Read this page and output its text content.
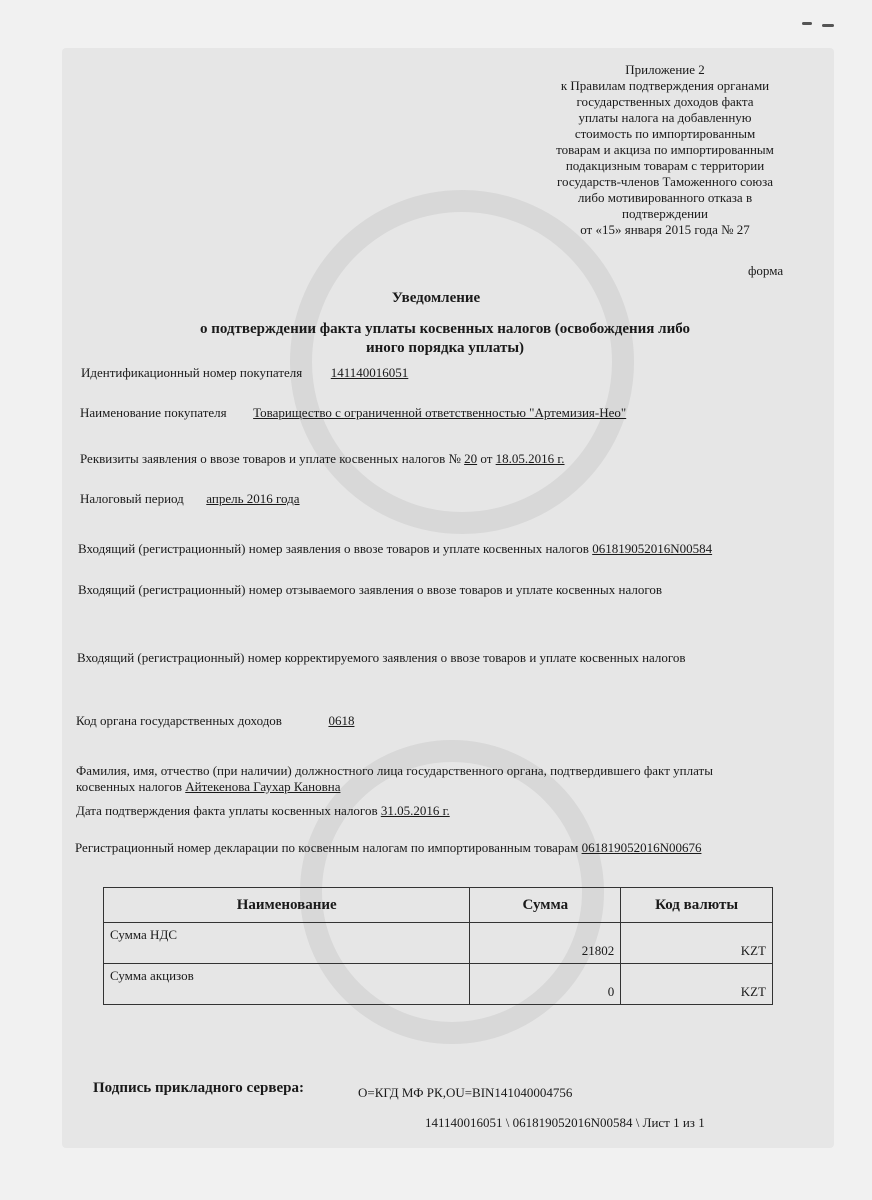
Приложение 2
к Правилам подтверждения органами
государственных доходов факта
уплаты налога на добавленную
стоимость по импортированным
товарам и акциза по импортированным
подакцизным товарам с территории
государств-членов Таможенного союза
либо мотивированного отказа в
подтверждении
от «15» января 2015 года № 27
форма
Уведомление
о подтверждении факта уплаты косвенных налогов (освобождения либо
иного порядка уплаты)
Идентификационный номер покупателя 141140016051
Наименование покупателя Товарищество с ограниченной ответственностью "Артемизия-Нео"
Реквизиты заявления о ввозе товаров и уплате косвенных налогов № 20 от 18.05.2016 г.
Налоговый период апрель 2016 года
Входящий (регистрационный) номер заявления о ввозе товаров и уплате косвенных налогов 061819052016N00584
Входящий (регистрационный) номер отзываемого заявления о ввозе товаров и уплате косвенных налогов
Входящий (регистрационный) номер корректируемого заявления о ввозе товаров и уплате косвенных налогов
Код органа государственных доходов	0618
Фамилия, имя, отчество (при наличии) должностного лица государственного органа, подтвердившего факт уплаты
косвенных налогов Айтекенова Гаухар Кановна
Дата подтверждения факта уплаты косвенных налогов 31.05.2016 г.
Регистрационный номер декларации по косвенным налогам по импортированным товарам 061819052016N00676
Наименование	Сумма	Код валюты
Сумма НДС	21802	KZT
Сумма акцизов	0	KZT
Подпись прикладного сервера:	O=КГД МФ РК,OU=BIN141040004756
141140016051 \ 061819052016N00584 \ Лист 1 из 1
